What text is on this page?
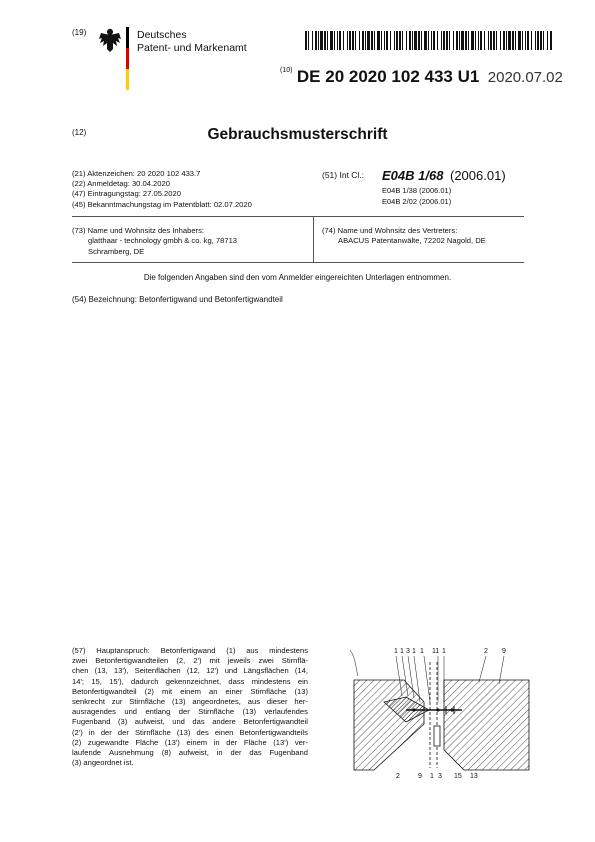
(19)	Deutsches
Patent- und Markenamt
$^{(10)}$ DE 20 2020 102 433 U1 2020.07.02
(12)	Gebrauchsmusterschrift
(21) Aktenzeichen: 20 2020 102 433.7
(22) Anmeldetag: 30.04.2020
(47) Eintragungstag: 27.05.2020
(45) Bekanntmachungstag im Patentblatt: 02.07.2020
(51) Int Cl.: E04B 1/68 (2006.01)
E04B 1/38 (2006.01)
E04B 2/02 (2006.01)
(73) Name und Wohnsitz des Inhabers:
glatthaar - technology gmbh & co. kg, 78713
Schramberg, DE
(74) Name und Wohnsitz des Vertreters:
ABACUS Patentanwälte, 72202 Nagold, DE
Die folgenden Angaben sind den vom Anmelder eingereichten Unterlagen entnommen.
(54) Bezeichnung: Betonfertigwand und Betonfertigwandteil
(57) Hauptanspruch: Betonfertigwand (1) aus mindestens
zwei Betonfertigwandteilen (2, 2') mit jeweils zwei Stirnflä-
chen (13, 13'), Seitenflächen (12, 12') und Längsflächen (14,
14'; 15, 15'), dadurch gekennzeichnet, dass mindestens ein
Betonfertigwandteil (2) mit einem an einer Stirnfläche (13)
senkrecht zur Stirnfläche (13) angeordnetes, aus dieser her-
ausragendes und entlang der Stirnfläche (13) verlaufendes
Fugenband (3) aufweist, und das andere Betonfertigwandteil
(2') in der der Stirnfläche (13) des einen Betonfertigwandteils
(2) zugewandte Fläche (13') einem in der Fläche (13') ver-
laufende Ausnehmung (8) aufweist, in der das Fugenband
(3) angeordnet ist.
1 1 3 1 1 11 1	2 9
2	9 1 3 15 13
